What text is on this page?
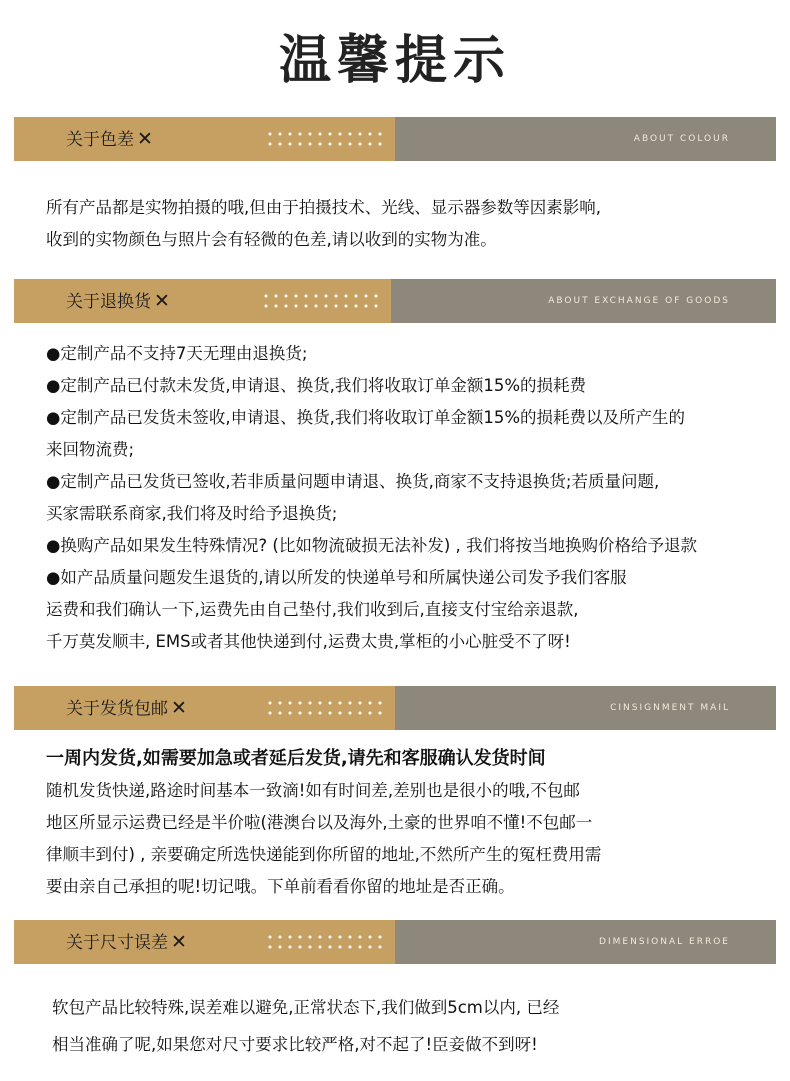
温馨提示
关于色差 ✕	ABOUT COLOUR
所有产品都是实物拍摄的哦,但由于拍摄技术、光线、显示器参数等因素影响,
收到的实物颜色与照片会有轻微的色差,请以收到的实物为准。
关于退换货 ✕	ABOUT EXCHANGE OF GOODS
●定制产品不支持7天无理由退换货;
●定制产品已付款未发货,申请退、换货,我们将收取订单金额15%的损耗费
●定制产品已发货未签收,申请退、换货,我们将收取订单金额15%的损耗费以及所产生的
来回物流费;
●定制产品已发货已签收,若非质量问题申请退、换货,商家不支持退换货;若质量问题,
买家需联系商家,我们将及时给予退换货;
●换购产品如果发生特殊情况? (比如物流破损无法补发) , 我们将按当地换购价格给予退款
●如产品质量问题发生退货的,请以所发的快递单号和所属快递公司发予我们客服
运费和我们确认一下,运费先由自己垫付,我们收到后,直接支付宝给亲退款,
千万莫发顺丰, EMS或者其他快递到付,运费太贵,掌柜的小心脏受不了呀!
关于发货包邮 ✕	CINSIGNMENT MAIL
一周内发货,如需要加急或者延后发货,请先和客服确认发货时间
随机发货快递,路途时间基本一致滴!如有时间差,差别也是很小的哦,不包邮
地区所显示运费已经是半价啦(港澳台以及海外,土豪的世界咱不懂!不包邮一
律顺丰到付) , 亲要确定所选快递能到你所留的地址,不然所产生的冤枉费用需
要由亲自己承担的呢!切记哦。下单前看看你留的地址是否正确。
关于尺寸误差 ✕	DIMENSIONAL ERROE
软包产品比较特殊,误差难以避免,正常状态下,我们做到5cm以内, 已经
相当准确了呢,如果您对尺寸要求比较严格,对不起了!臣妾做不到呀!
